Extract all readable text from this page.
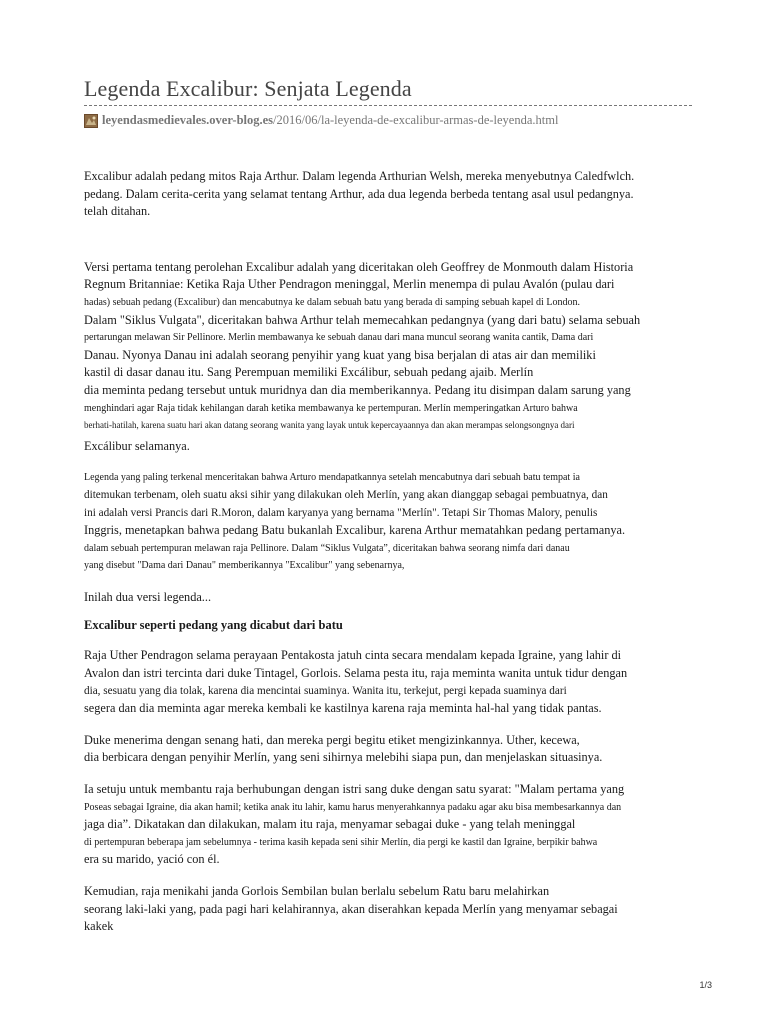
Legenda Excalibur: Senjata Legenda
leyendasmedievales.over-blog.es /2016/06/la-leyenda-de-excalibur-armas-de-leyenda.html

Excalibur adalah pedang mitos Raja Arthur. Dalam legenda Arthurian Welsh, mereka menyebutnya Caledfwlch.
pedang. Dalam cerita-cerita yang selamat tentang Arthur, ada dua legenda berbeda tentang asal usul pedangnya.
telah ditahan.

Versi pertama tentang perolehan Excalibur adalah yang diceritakan oleh Geoffrey de Monmouth dalam Historia
Regnum Britanniae: Ketika Raja Uther Pendragon meninggal, Merlin menempa di pulau Avalón (pulau dari
hadas) sebuah pedang (Excalibur) dan mencabutnya ke dalam sebuah batu yang berada di samping sebuah kapel di London.
Dalam "Siklus Vulgata", diceritakan bahwa Arthur telah memecahkan pedangnya (yang dari batu) selama sebuah
pertarungan melawan Sir Pellinore. Merlin membawanya ke sebuah danau dari mana muncul seorang wanita cantik, Dama dari
Danau. Nyonya Danau ini adalah seorang penyihir yang kuat yang bisa berjalan di atas air dan memiliki
kastil di dasar danau itu. Sang Perempuan memiliki Excálibur, sebuah pedang ajaib. Merlín
dia meminta pedang tersebut untuk muridnya dan dia memberikannya. Pedang itu disimpan dalam sarung yang
menghindari agar Raja tidak kehilangan darah ketika membawanya ke pertempuran. Merlín memperingatkan Arturo bahwa
berhati-hatilah, karena suatu hari akan datang seorang wanita yang layak untuk kepercayaannya dan akan merampas selongsongnya dari
Excálibur selamanya.

Legenda yang paling terkenal menceritakan bahwa Arturo mendapatkannya setelah mencabutnya dari sebuah batu tempat ia
ditemukan terbenam, oleh suatu aksi sihir yang dilakukan oleh Merlín, yang akan dianggap sebagai pembuatnya, dan
ini adalah versi Prancis dari R.Moron, dalam karyanya yang bernama "Merlín". Tetapi Sir Thomas Malory, penulis
Inggris, menetapkan bahwa pedang Batu bukanlah Excalibur, karena Arthur mematahkan pedang pertamanya.
dalam sebuah pertempuran melawan raja Pellinore. Dalam “Siklus Vulgata”, diceritakan bahwa seorang nimfa dari danau
yang disebut "Dama dari Danau" memberikannya "Excalibur" yang sebenarnya,

Inilah dua versi legenda...

Excalibur seperti pedang yang dicabut dari batu

Raja Uther Pendragon selama perayaan Pentakosta jatuh cinta secara mendalam kepada Igraine, yang lahir di
Avalon dan istri tercinta dari duke Tintagel, Gorlois. Selama pesta itu, raja meminta wanita untuk tidur dengan
dia, sesuatu yang dia tolak, karena dia mencintai suaminya. Wanita itu, terkejut, pergi kepada suaminya dari
segera dan dia meminta agar mereka kembali ke kastilnya karena raja meminta hal-hal yang tidak pantas.

Duke menerima dengan senang hati, dan mereka pergi begitu etiket mengizinkannya. Uther, kecewa,
dia berbicara dengan penyihir Merlín, yang seni sihirnya melebihi siapa pun, dan menjelaskan situasinya.

Ia setuju untuk membantu raja berhubungan dengan istri sang duke dengan satu syarat: "Malam pertama yang
Poseas sebagai Igraine, dia akan hamil; ketika anak itu lahir, kamu harus menyerahkannya padaku agar aku bisa membesarkannya dan
jaga dia”. Dikatakan dan dilakukan, malam itu raja, menyamar sebagai duke - yang telah meninggal
di pertempuran beberapa jam sebelumnya - terima kasih kepada seni sihir Merlín, dia pergi ke kastil dan Igraine, berpikir bahwa
era su marido, yació con él.

Kemudian, raja menikahi janda Gorlois Sembilan bulan berlalu sebelum Ratu baru melahirkan
seorang laki-laki yang, pada pagi hari kelahirannya, akan diserahkan kepada Merlín yang menyamar sebagai
kakek

1/3
